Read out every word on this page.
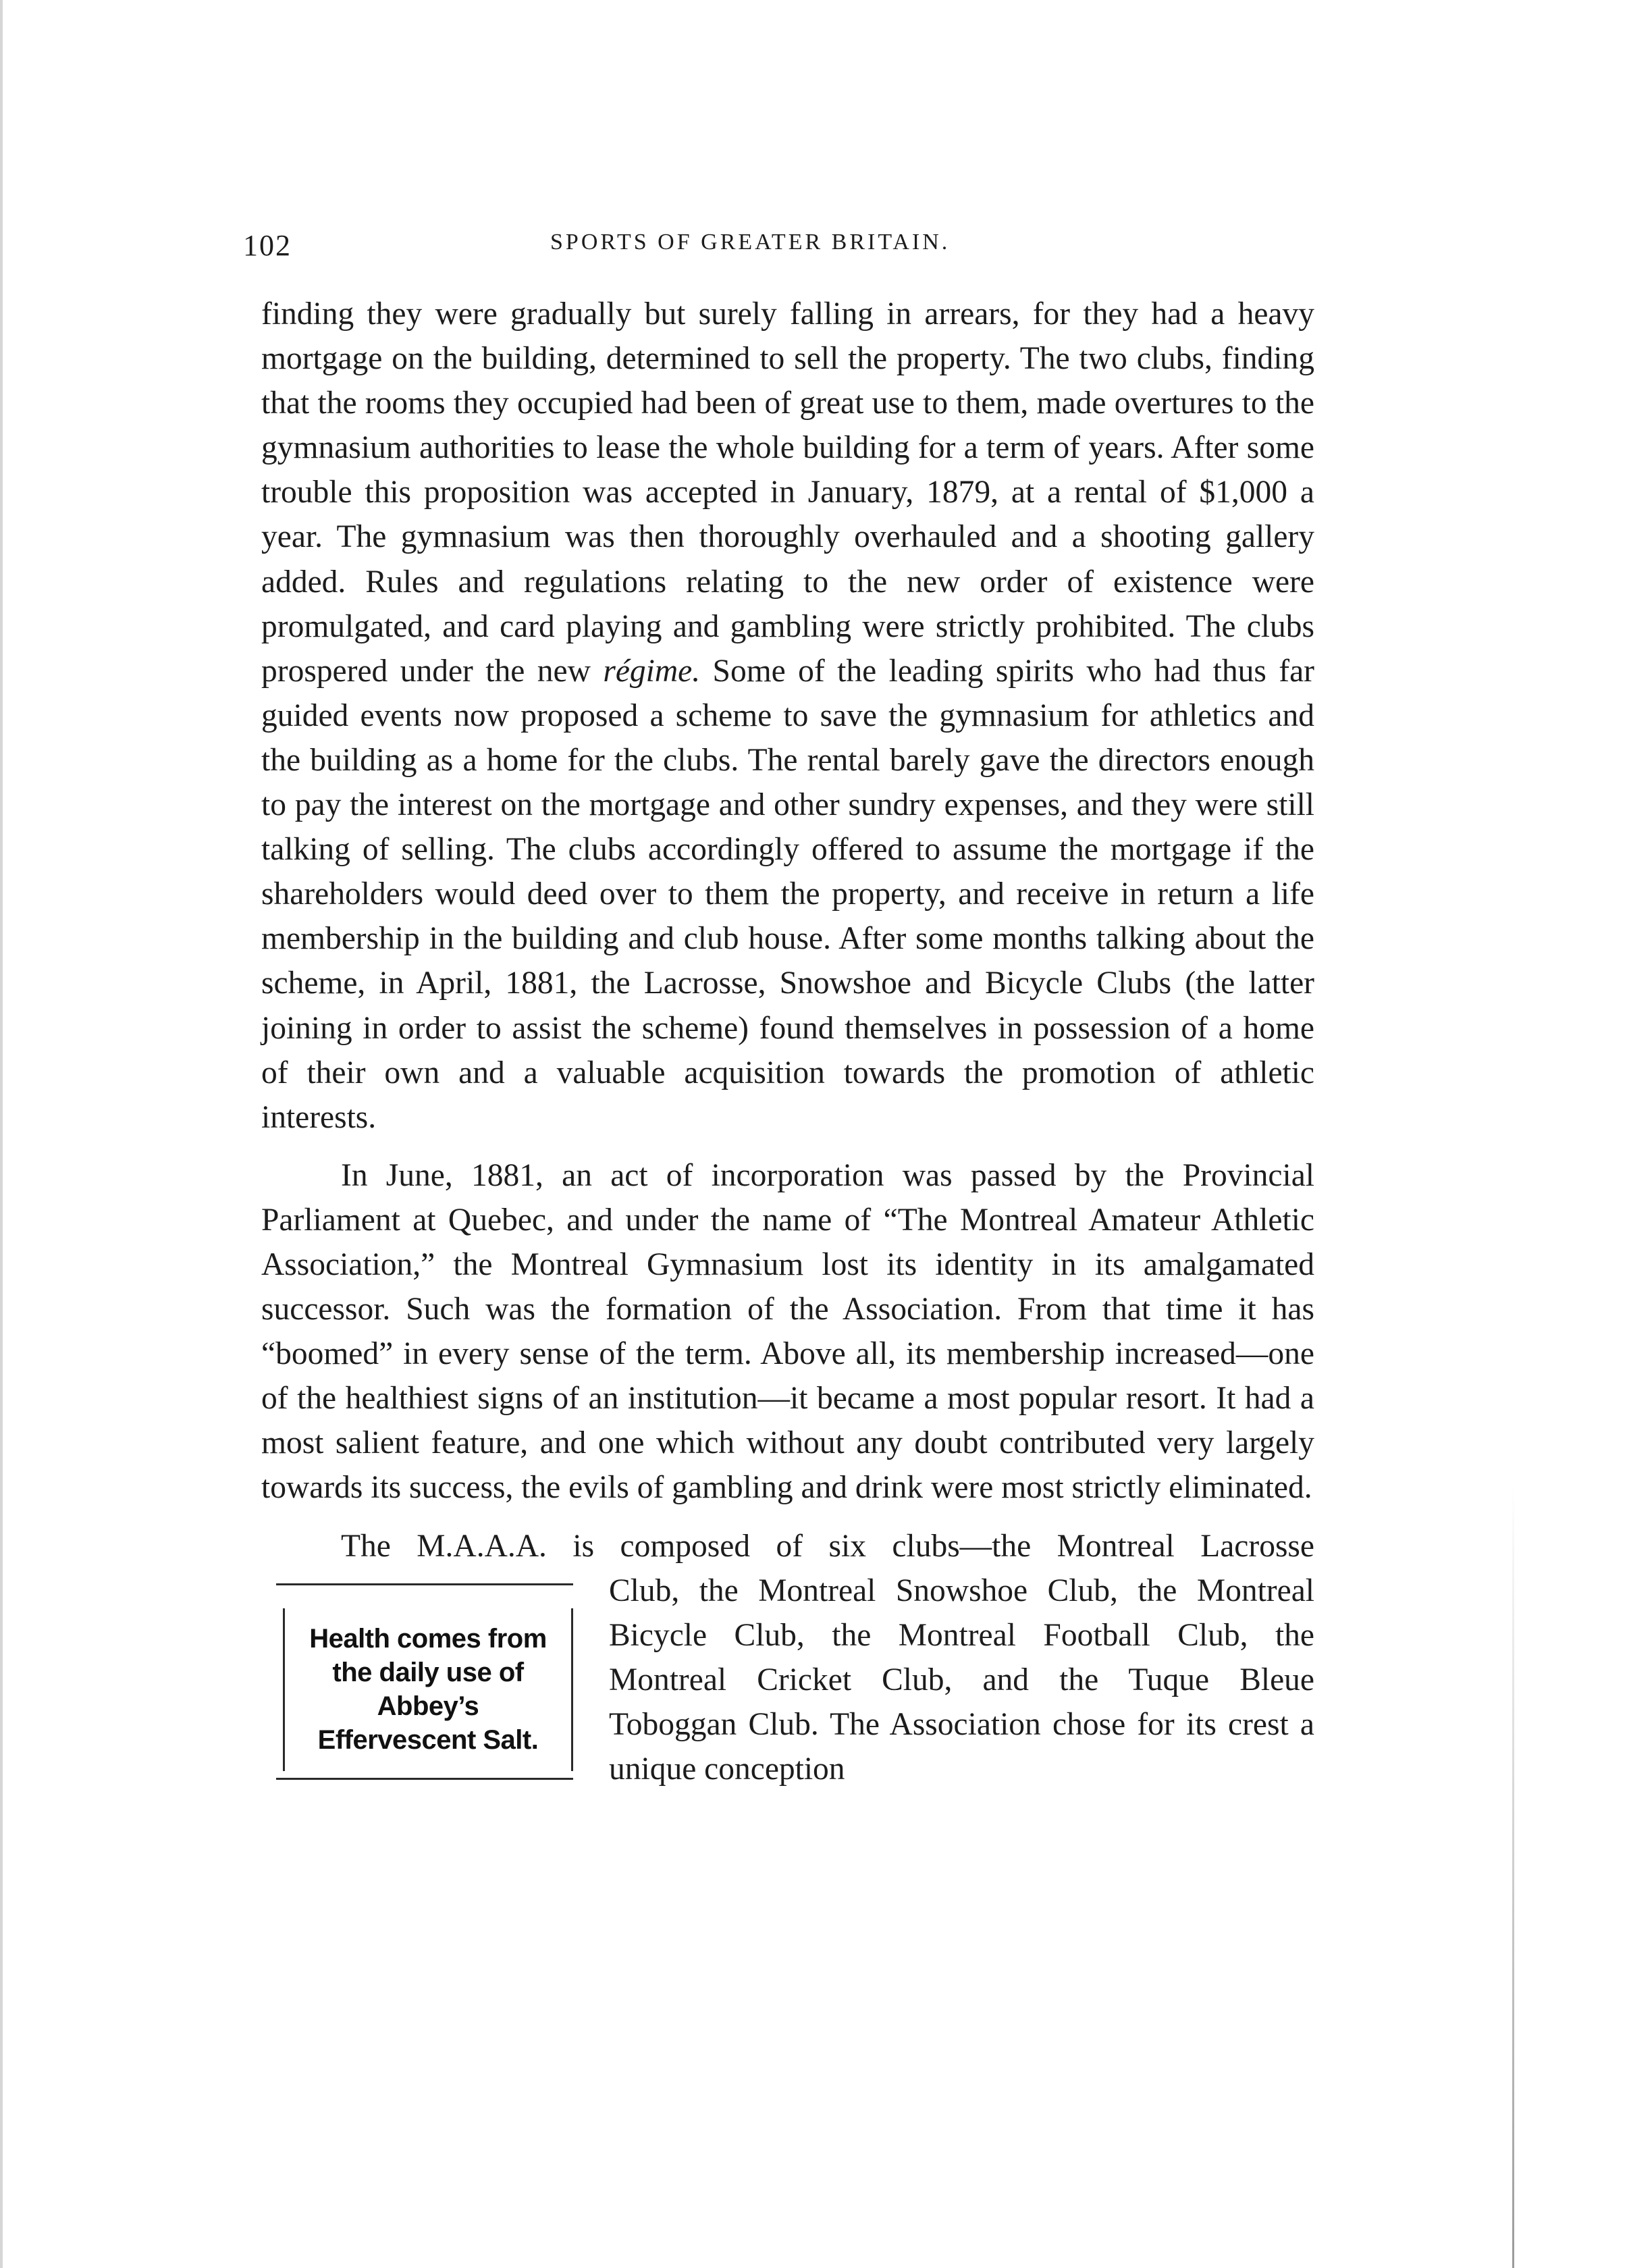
102	SPORTS OF GREATER BRITAIN.

finding they were gradually but surely falling in arrears, for they had a heavy mortgage on the building, determined to sell the property. The two clubs, finding that the rooms they occupied had been of great use to them, made overtures to the gymnasium authorities to lease the whole building for a term of years. After some trouble this proposition was accepted in January, 1879, at a rental of $1,000 a year. The gymnasium was then thoroughly overhauled and a shooting gallery added. Rules and regulations relating to the new order of existence were promulgated, and card playing and gambling were strictly prohibited. The clubs prospered under the new régime. Some of the leading spirits who had thus far guided events now proposed a scheme to save the gymnasium for athletics and the building as a home for the clubs. The rental barely gave the directors enough to pay the interest on the mortgage and other sundry expenses, and they were still talking of selling. The clubs accordingly offered to assume the mortgage if the shareholders would deed over to them the property, and receive in return a life membership in the building and club house. After some months talking about the scheme, in April, 1881, the Lacrosse, Snowshoe and Bicycle Clubs (the latter joining in order to assist the scheme) found themselves in possession of a home of their own and a valuable acquisition towards the promotion of athletic interests.

In June, 1881, an act of incorporation was passed by the Provincial Parliament at Quebec, and under the name of “The Montreal Amateur Athletic Association,” the Montreal Gymnasium lost its identity in its amalgamated successor. Such was the formation of the Association. From that time it has “boomed” in every sense of the term. Above all, its membership increased—one of the healthiest signs of an institution—it became a most popular resort. It had a most salient feature, and one which without any doubt contributed very largely towards its success, the evils of gambling and drink were most strictly eliminated.

The M.A.A.A. is composed of six clubs—the Montreal Lacrosse

Health comes from
the daily use of
Abbey’s
Effervescent Salt.

Club, the Montreal Snowshoe Club, the Montreal Bicycle Club, the Montreal Football Club, the Montreal Cricket Club, and the Tuque Bleue Toboggan Club. The Association chose for its crest a unique conception
